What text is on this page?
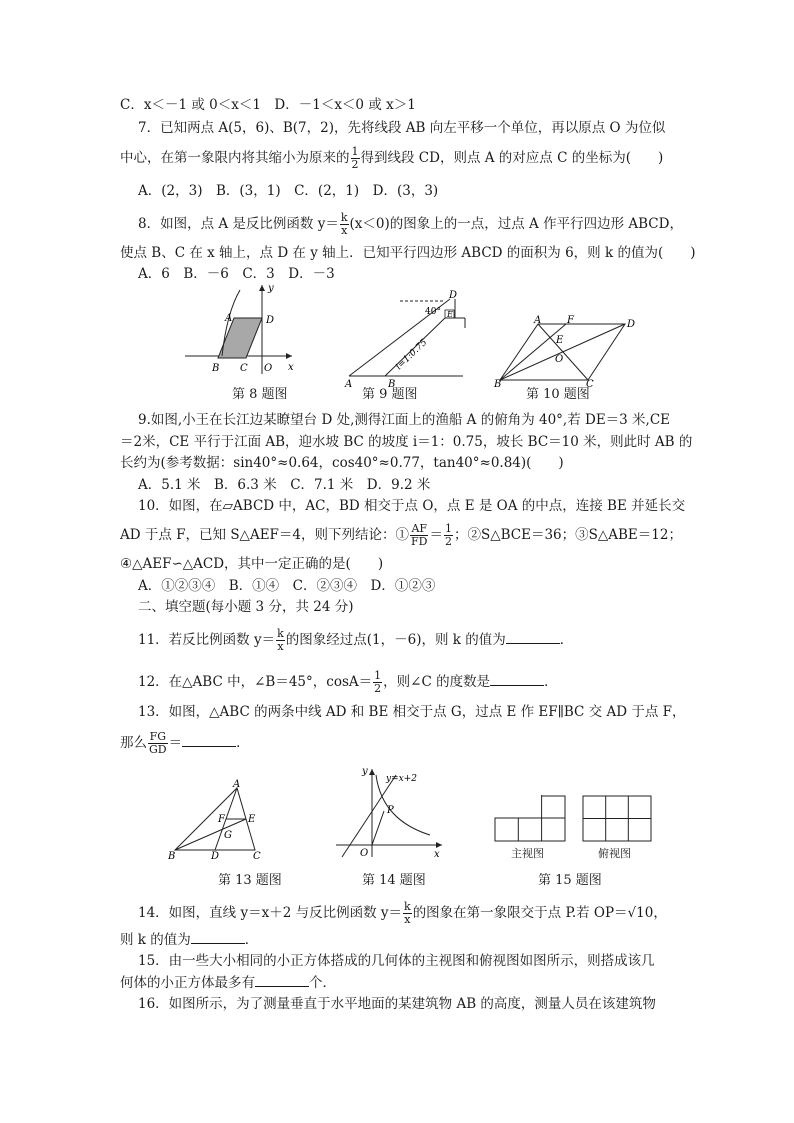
C．x＜－1 或 0＜x＜1　D．－1＜x＜0 或 x＞1
7．已知两点 A(5，6)、B(7，2)，先将线段 AB 向左平移一个单位，再以原点 O 为位似
中心，在第一象限内将其缩小为原来的 $\frac{1}{2}$ 得到线段 CD，则点 A 的对应点 C 的坐标为(　　)
A．(2，3)　B．(3，1)　C．(2，1)　D．(3，3)
8．如图，点 A 是反比例函数 $y= \frac{k}{x} (x<0)$的图象上的一点，过点 A 作平行四边形 ABCD，
使点 B、C 在 x 轴上，点 D 在 y 轴上．已知平行四边形 ABCD 的面积为 6，则 k 的值为(　　)
A．6　B．－6　C．3　D．－3
y
x
A	D
B C O
第 8 题图
D
E
40°
A	B
i=1:0.75
第 9 题图
A	F	D
E
O
B	C
第 10 题图
9.如图,小王在长江边某瞭望台 D 处,测得江面上的渔船 A 的俯角为 40°,若 DE＝3 米,CE
＝2米，CE 平行于江面 AB，迎水坡 BC 的坡度 i＝1：0.75，坡长 BC＝10 米，则此时 AB 的
长约为(参考数据：sin40°≈0.64，cos40°≈0.77，tan40°≈0.84)(　　)
A．5.1 米　B．6.3 米　C．7.1 米　D．9.2 米
10．如图，在▱ABCD 中，AC，BD 相交于点 O，点 E 是 OA 的中点，连接 BE 并延长交
AD 于点 F，已知 S△AEF＝4，则下列结论：① $\frac{AF}{FD} = \frac{1}{2}$ ；②S△BCE＝36；③S△ABE＝12；
④△AEF∽△ACD，其中一定正确的是(　　)
A．①②③④　B．①④　C．②③④　D．①②③
二、填空题(每小题 3 分，共 24 分)
11．若反比例函数 $y= \frac{k}{x}$ 的图象经过点(1，－6)，则 k 的值为	．
12．在△ABC 中，∠B＝45°，$\cos A= \frac{1}{2}$ ，则∠C 的度数是	．
13．如图，△ABC 的两条中线 AD 和 BE 相交于点 G，过点 E 作 EF∥BC 交 AD 于点 F，
那么 $\frac{FG}{GD}$ ＝	．
A
F E
G
B	D	C
第 13 题图
y
y=x+2
P
O	x
第 14 题图
主视图	俯视图
第 15 题图
14．如图，直线 y＝x＋2 与反比例函数 $y= \frac{k}{x}$ 的图象在第一象限交于点 P.若 OP＝√10，
则 k 的值为	．
15．由一些大小相同的小正方体搭成的几何体的主视图和俯视图如图所示，则搭成该几
何体的小正方体最多有	个．
16．如图所示，为了测量垂直于水平地面的某建筑物 AB 的高度，测量人员在该建筑物
